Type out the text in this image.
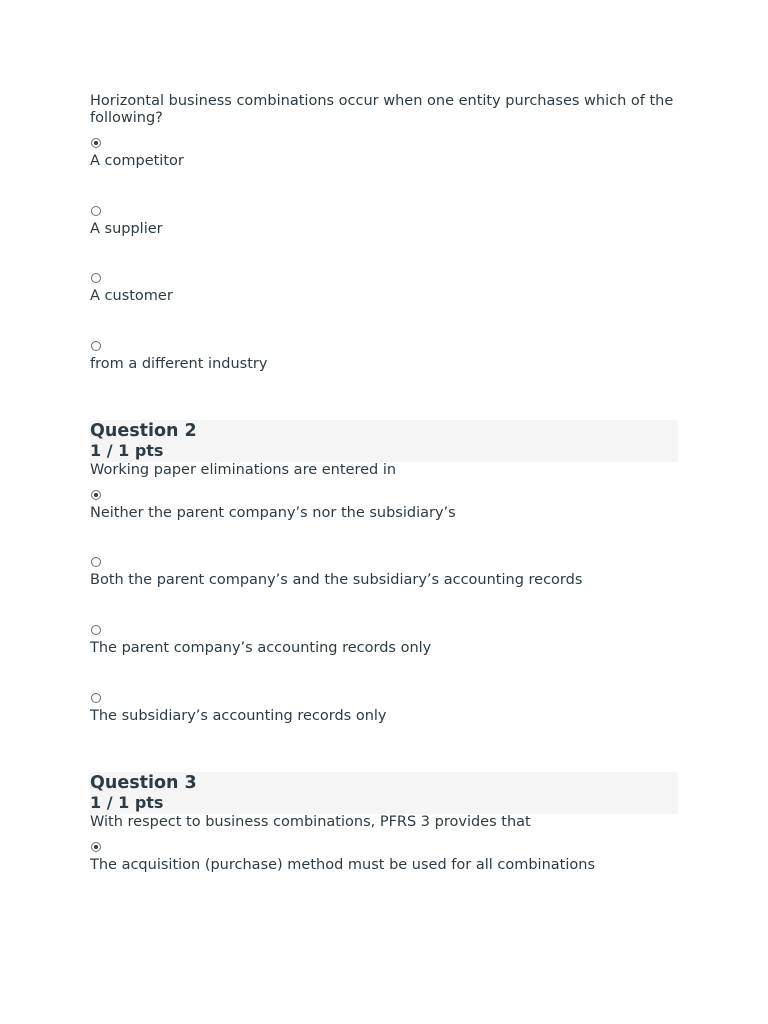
Horizontal business combinations occur when one entity purchases which of the following?

A competitor
A supplier
A customer
from a different industry
Question 2
1 / 1 pts

Working paper eliminations are entered in

Neither the parent company’s nor the subsidiary’s
Both the parent company’s and the subsidiary’s accounting records
The parent company’s accounting records only
The subsidiary’s accounting records only
Question 3
1 / 1 pts

With respect to business combinations, PFRS 3 provides that

The acquisition (purchase) method must be used for all combinations
